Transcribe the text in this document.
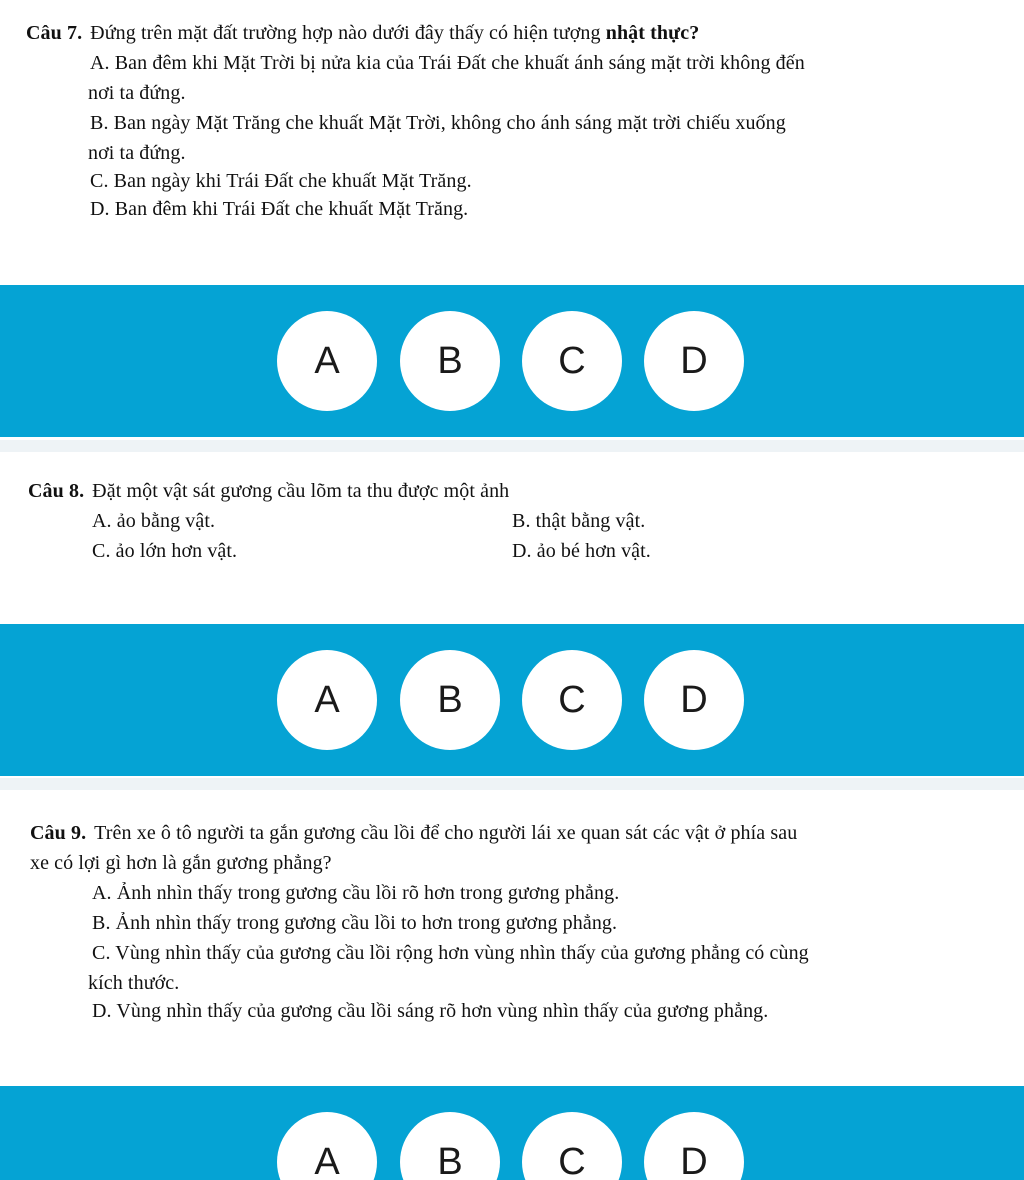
Câu 7. Đứng trên mặt đất trường hợp nào dưới đây thấy có hiện tượng nhật thực?
A. Ban đêm khi Mặt Trời bị nửa kia của Trái Đất che khuất ánh sáng mặt trời không đến
nơi ta đứng.
B. Ban ngày Mặt Trăng che khuất Mặt Trời, không cho ánh sáng mặt trời chiếu xuống
nơi ta đứng.
C. Ban ngày khi Trái Đất che khuất Mặt Trăng.
D. Ban đêm khi Trái Đất che khuất Mặt Trăng.
A	B	C	D
Câu 8. Đặt một vật sát gương cầu lõm ta thu được một ảnh
A. ảo bằng vật.	B. thật bằng vật.
C. ảo lớn hơn vật.	D. ảo bé hơn vật.
A	B	C	D
Câu 9. Trên xe ô tô người ta gắn gương cầu lồi để cho người lái xe quan sát các vật ở phía sau
xe có lợi gì hơn là gắn gương phẳng?
A. Ảnh nhìn thấy trong gương cầu lồi rõ hơn trong gương phẳng.
B. Ảnh nhìn thấy trong gương cầu lồi to hơn trong gương phẳng.
C. Vùng nhìn thấy của gương cầu lồi rộng hơn vùng nhìn thấy của gương phẳng có cùng
kích thước.
D. Vùng nhìn thấy của gương cầu lồi sáng rõ hơn vùng nhìn thấy của gương phẳng.
A	B	C	D
